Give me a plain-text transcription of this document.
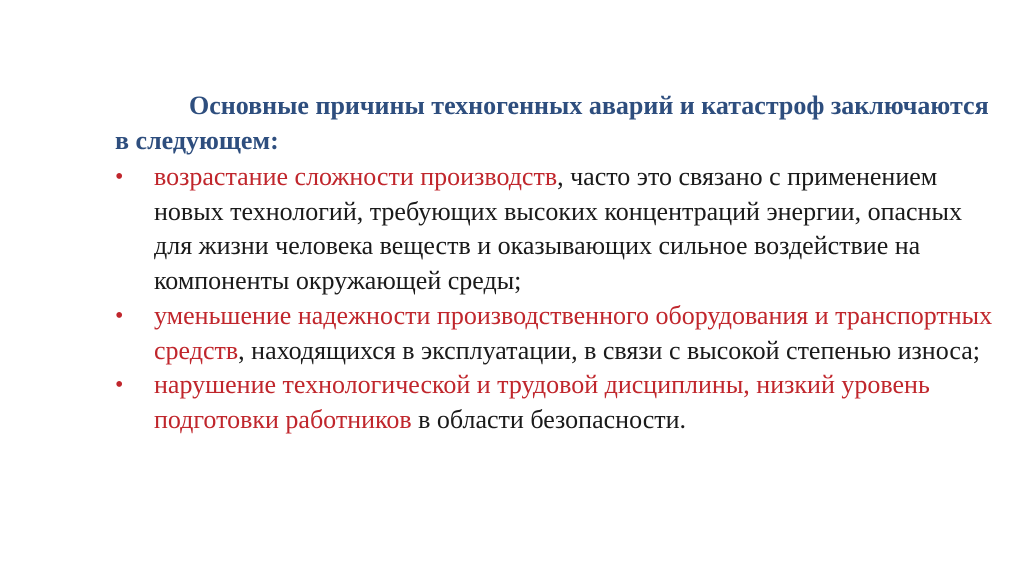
Основные причины техногенных аварий и катастроф заключаются в следующем:

• возрастание сложности производств, часто это связано с применением новых технологий, требующих высоких концентраций энергии, опасных для жизни человека веществ и оказывающих сильное воздействие на компоненты окружающей среды;
• уменьшение надежности производственного оборудования и транспортных средств, находящихся в эксплуатации, в связи с высокой степенью износа;
• нарушение технологической и трудовой дисциплины, низкий уровень подготовки работников в области безопасности.
